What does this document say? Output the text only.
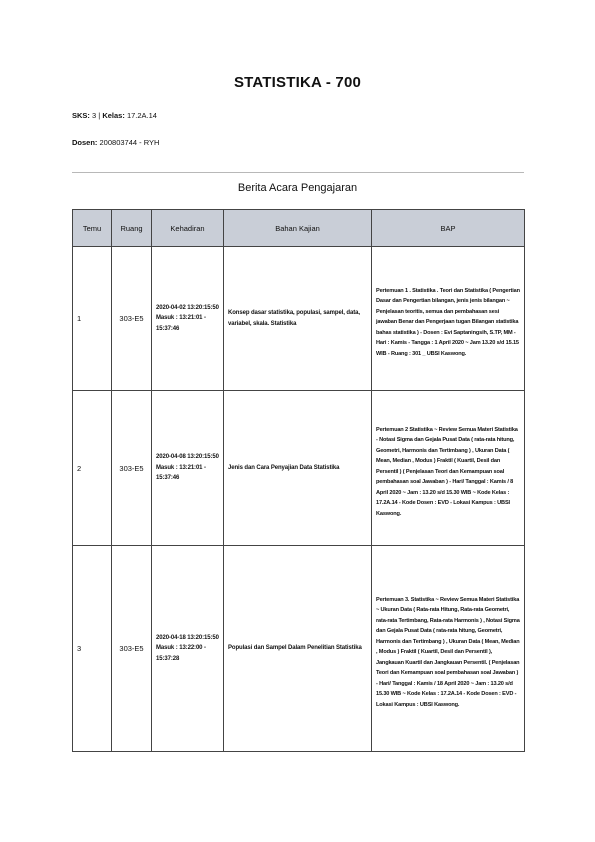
STATISTIKA - 700
SKS: 3 | Kelas: 17.2A.14
Dosen: 200803744 - RYH
Berita Acara Pengajaran
Temu	Ruang	Kehadiran	Bahan Kajian	BAP
1	303-E5	2020-04-02 13:20:15:50 Masuk : 13:21:01 - 15:37:46	Konsep dasar statistika, populasi, sampel, data, variabel, skala. Statistika	Pertemuan 1 . Statistika . Teori dan Statistika ( Pengertian Dasar dan Pengertian bilangan, jenis jenis bilangan ~ Penjelasan teoritis, semua dan pembahasan sesi jawaban Benar dan Pengerjaan tugan Bilangan statistika bahas statistika ) - Dosen : Evi Saptaningsih, S.TP, MM - Hari : Kamis - Tangga : 1 April 2020 ~ Jam 13.20 s/d 15.15 WIB - Ruang : 301 _ UBSI Kaswong.

2	303-E5	2020-04-08 13:20:15:50 Masuk : 13:21:01 - 15:37:46	Jenis dan Cara Penyajian Data Statistika	Pertemuan 2 Statistika ~ Review Semua Materi Statistika - Notasi Sigma dan Gejala Pusat Data ( rata-rata hitung, Geometri, Harmonis dan Tertimbang ) , Ukuran Data ( Mean, Median , Modus ) Fraktil ( Kuartil, Desil dan Persentil ) ( Penjelasan Teori dan Kemampuan soal pembahasan soal Jawaban ) - Hari/ Tanggal : Kamis / 8 April 2020 ~ Jam : 13.20 s/d 15.30 WIB ~ Kode Kelas : 17.2A.14 - Kode Dosen : EVD - Lokasi Kampus : UBSI Kaswong.

3	303-E5	2020-04-18 13:20:15:50 Masuk : 13:22:00 - 15:37:28	Populasi dan Sampel Dalam Penelitian Statistika	Pertemuan 3. Statistika ~ Review Semua Materi Statistika ~ Ukuran Data ( Rata-rata Hitung, Rata-rata Geometri, rata-rata Tertimbang, Rata-rata Harmonis ) , Notasi Sigma dan Gejala Pusat Data ( rata-rata hitung, Geometri, Harmonis dan Tertimbang ) , Ukuran Data ( Mean, Median , Modus ) Fraktil ( Kuartil, Desil dan Persentil ), Jangkauan Kuartil dan Jangkauan Persentil. ( Penjelasan Teori dan Kemampuan soal pembahasan soal Jawaban ) - Hari/ Tanggal : Kamis / 18 April 2020 ~ Jam : 13.20 s/d 15.30 WIB ~ Kode Kelas : 17.2A.14 - Kode Dosen : EVD - Lokasi Kampus : UBSI Kaswong.
